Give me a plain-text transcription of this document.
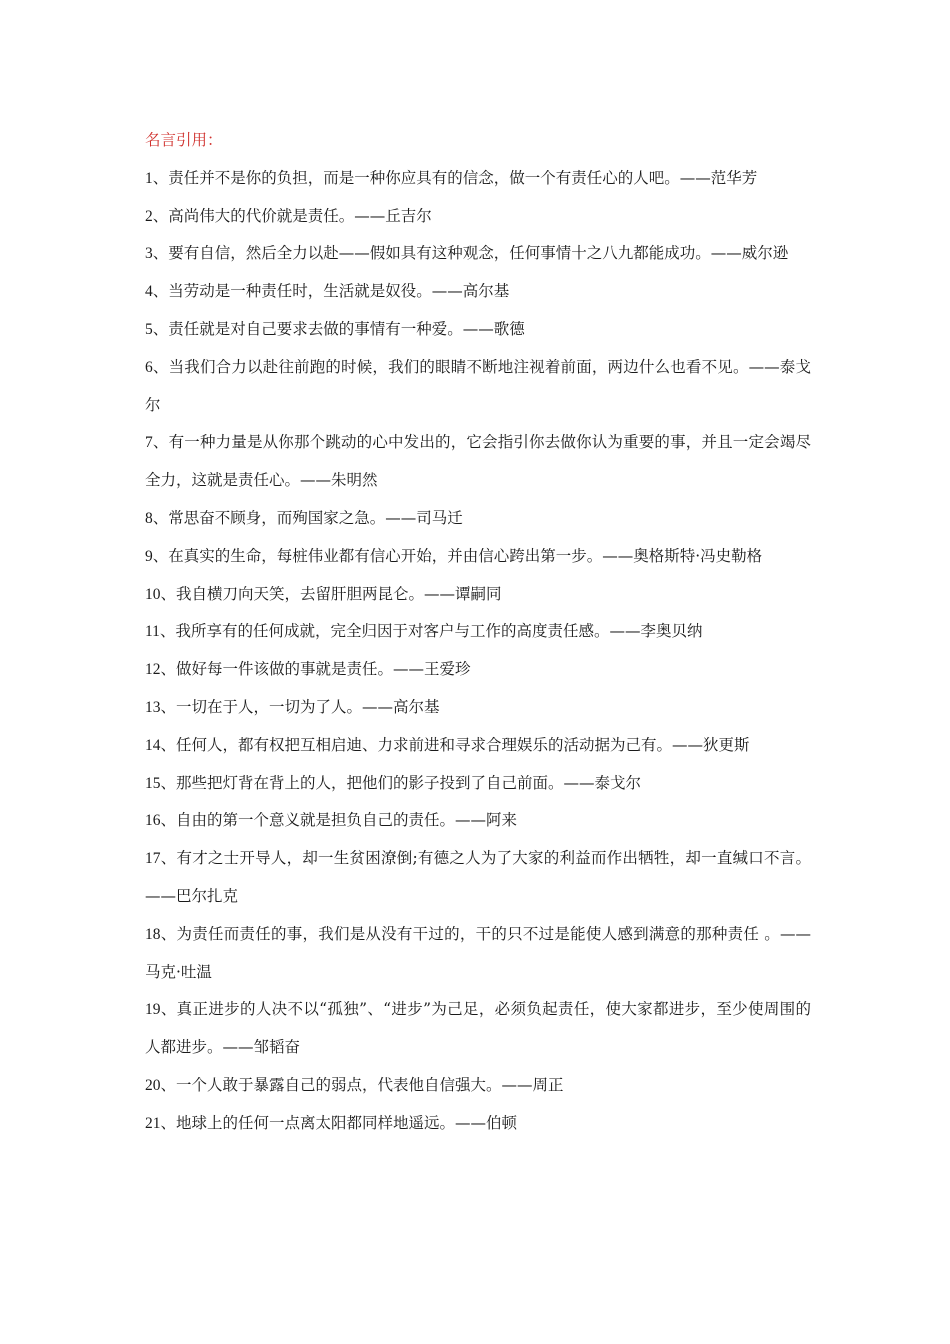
名言引用：
1、责任并不是你的负担，而是一种你应具有的信念，做一个有责任心的人吧。——范华芳
2、高尚伟大的代价就是责任。——丘吉尔
3、要有自信，然后全力以赴——假如具有这种观念，任何事情十之八九都能成功。——威尔逊
4、当劳动是一种责任时，生活就是奴役。——高尔基
5、责任就是对自己要求去做的事情有一种爱。——歌德
6、当我们合力以赴往前跑的时候，我们的眼睛不断地注视着前面，两边什么也看不见。——泰戈尔
7、有一种力量是从你那个跳动的心中发出的，它会指引你去做你认为重要的事，并且一定会竭尽全力，这就是责任心。——朱明然
8、常思奋不顾身，而殉国家之急。——司马迁
9、在真实的生命，每桩伟业都有信心开始，并由信心跨出第一步。——奥格斯特·冯史勒格
10、我自横刀向天笑，去留肝胆两昆仑。——谭嗣同
11、我所享有的任何成就，完全归因于对客户与工作的高度责任感。——李奥贝纳
12、做好每一件该做的事就是责任。——王爱珍
13、一切在于人，一切为了人。——高尔基
14、任何人，都有权把互相启迪、力求前进和寻求合理娱乐的活动据为己有。——狄更斯
15、那些把灯背在背上的人，把他们的影子投到了自己前面。——泰戈尔
16、自由的第一个意义就是担负自己的责任。——阿来
17、有才之士开导人，却一生贫困潦倒;有德之人为了大家的利益而作出牺牲，却一直缄口不言。——巴尔扎克
18、为责任而责任的事，我们是从没有干过的，干的只不过是能使人感到满意的那种责任 。——马克·吐温
19、真正进步的人决不以“孤独”、“进步”为己足，必须负起责任，使大家都进步，至少使周围的人都进步。——邹韬奋
20、一个人敢于暴露自己的弱点，代表他自信强大。——周正
21、地球上的任何一点离太阳都同样地遥远。——伯顿
